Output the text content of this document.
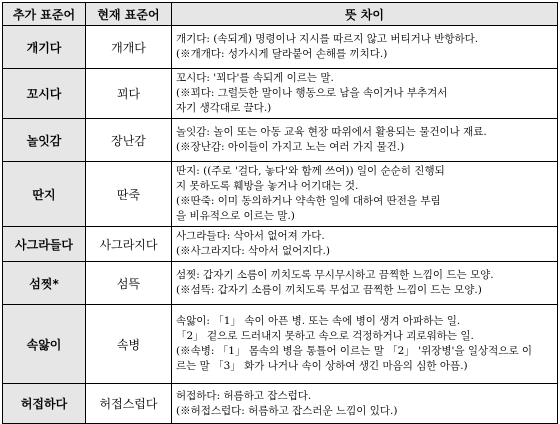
추가 표준어	현재 표준어	뜻 차이
개기다	개개다	개기다: (속되게) 명령이나 지시를 따르지 않고 버티거나 반항하다.
(※개개다: 성가시게 달라붙어 손해를 끼치다.)

꼬시다	꾀다	꼬시다: '꾀다'를 속되게 이르는 말.
(※꾀다: 그럴듯한 말이나 행동으로 남을 속이거나 부추겨서
자기 생각대로 끌다.)

놀잇감	장난감	놀잇감: 놀이 또는 아동 교육 현장 따위에서 활용되는 물건이나 재료.
(※장난감: 아이들이 가지고 노는 여러 가지 물건.)

딴지	딴죽	딴지: ((주로 '걸다, 놓다'와 함께 쓰여)) 일이 순순히 진행되
지 못하도록 훼방을 놓거나 어기대는 것.
(※딴죽: 이미 동의하거나 약속한 일에 대하여 딴전을 부림
을 비유적으로 이르는 말.)

사그라들다	사그라지다	사그라들다: 삭아서 없어져 가다.
(※사그라지다: 삭아서 없어지다.)

섬찟*	섬뜩	섬찟: 갑자기 소름이 끼치도록 무시무시하고 끔찍한 느낌이 드는 모양.
(※섬뜩: 갑자기 소름이 끼치도록 무섭고 끔찍한 느낌이 드는 모양.)

속앓이	속병	속앓이: 「1」 속이 아픈 병. 또는 속에 병이 생겨 아파하는 일.
「2」 겉으로 드러내지 못하고 속으로 걱정하거나 괴로워하는 일.
(※속병: 「1」 몸속의 병을 통틀어 이르는 말 「2」 '위장병'을 일상적으로 이
르는 말 「3」 화가 나거나 속이 상하여 생긴 마음의 심한 아픔.)

허접하다	허접스럽다	허접하다: 허름하고 잡스럽다.
(※허접스럽다: 허름하고 잡스러운 느낌이 있다.)
